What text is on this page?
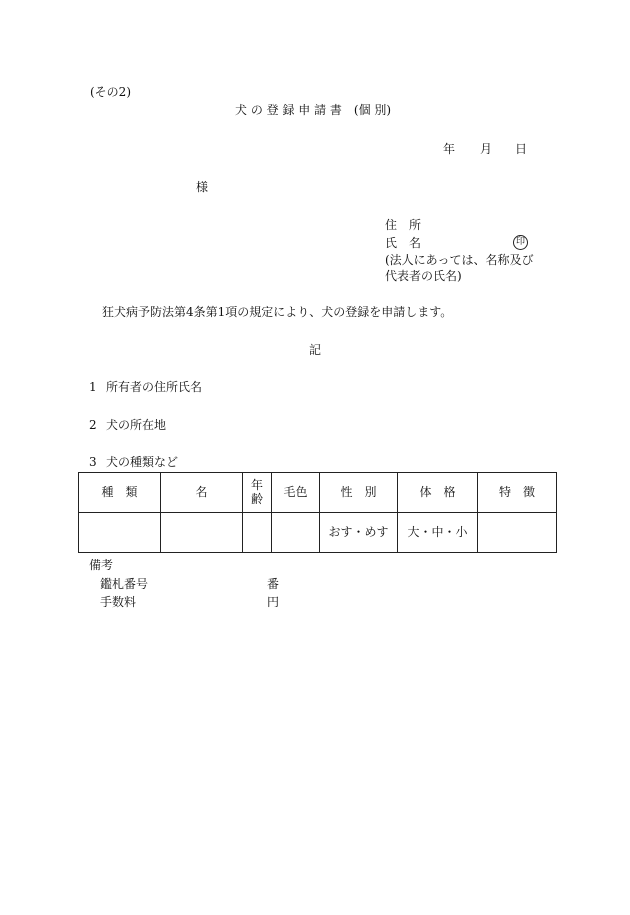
(その2)
犬 の 登 録 申 請 書　(個 別)
年 月 日
様
住　所
氏　名	印
(法人にあっては、名称及び
代表者の氏名)
狂犬病予防法第4条第1項の規定により、犬の登録を申請します。
記
1 所有者の住所氏名
2 犬の所在地
3 犬の種類など
種　類	名	年齢	毛色	性　別	体　格	特　徴
				おす・めす	大・中・小	
備考
鑑札番号	番
手数料	円
